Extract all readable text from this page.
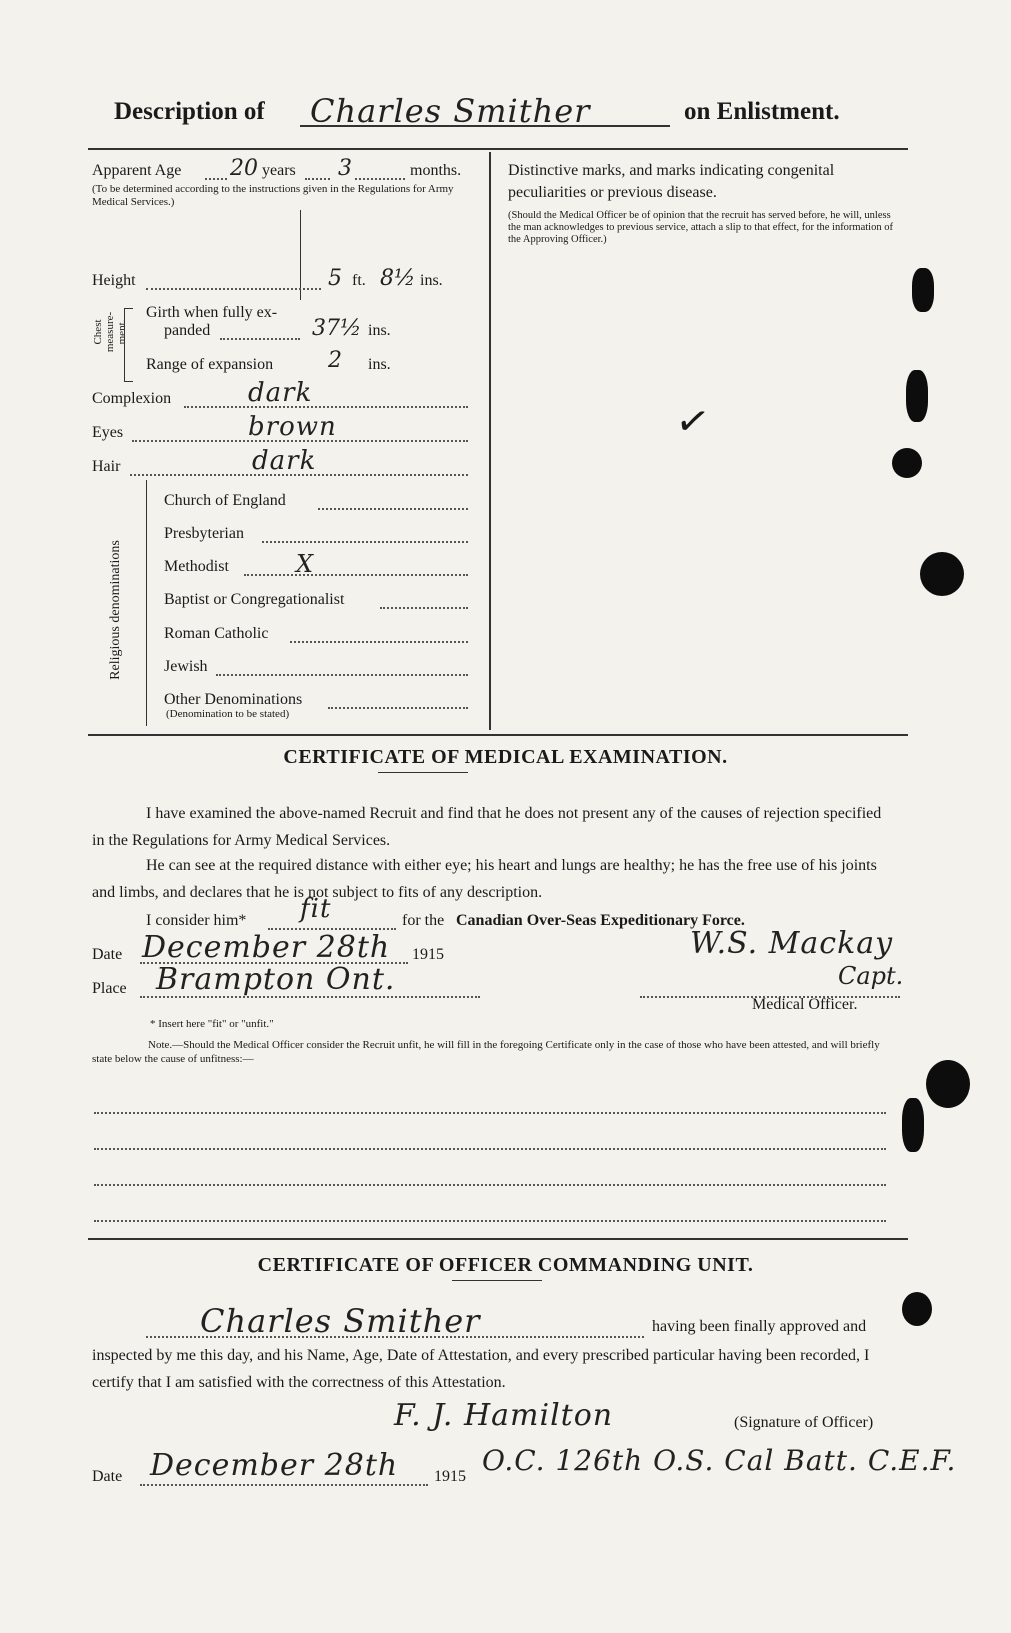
Description of Charles Smither	on Enlistment.
Apparent Age 20 years 3	months.
(To be determined according to the instructions given in the Regulations for Army Medical Services.)
Distinctive marks, and marks indicating congenital peculiarities or previous disease.
(Should the Medical Officer be of opinion that the recruit has served before, he will, unless the man acknowledges to previous service, attach a slip to that effect, for the information of the Approving Officer.)
✓
Height	5 ft. 8½ ins.
Chest measure-ment.
Girth when fully ex-
panded	37½ ins.
Range of expansion 2 ins.
Complexion	dark
Eyes	brown
Hair	dark
Religious denominations
Church of England
Presbyterian
Methodist	X
Baptist or Congregationalist
Roman Catholic
Jewish
Other Denominations
(Denomination to be stated)
CERTIFICATE OF MEDICAL EXAMINATION.

I have examined the above-named Recruit and find that he does not present any of the causes of rejection specified in the Regulations for Army Medical Services.

He can see at the required distance with either eye; his heart and lungs are healthy; he has the free use of his joints and limbs, and declares that he is not subject to fits of any description.

I consider him* fit	for the Canadian Over-Seas Expeditionary Force.
Date December 28th 1915	W.S. Mackay
Place Brampton Ont.	Capt.
Medical Officer.
* Insert here "fit" or "unfit."
Note.—Should the Medical Officer consider the Recruit unfit, he will fill in the foregoing Certificate only in the case of those who have been attested, and will briefly state below the cause of unfitness:—
CERTIFICATE OF OFFICER COMMANDING UNIT.
Charles Smither	having been finally approved and

inspected by me this day, and his Name, Age, Date of Attestation, and every prescribed particular having been recorded, I certify that I am satisfied with the correctness of this Attestation.

F. J. Hamilton	(Signature of Officer)
Date December 28th 1915 O.C. 126th O.S. Cal Batt. C.E.F.
